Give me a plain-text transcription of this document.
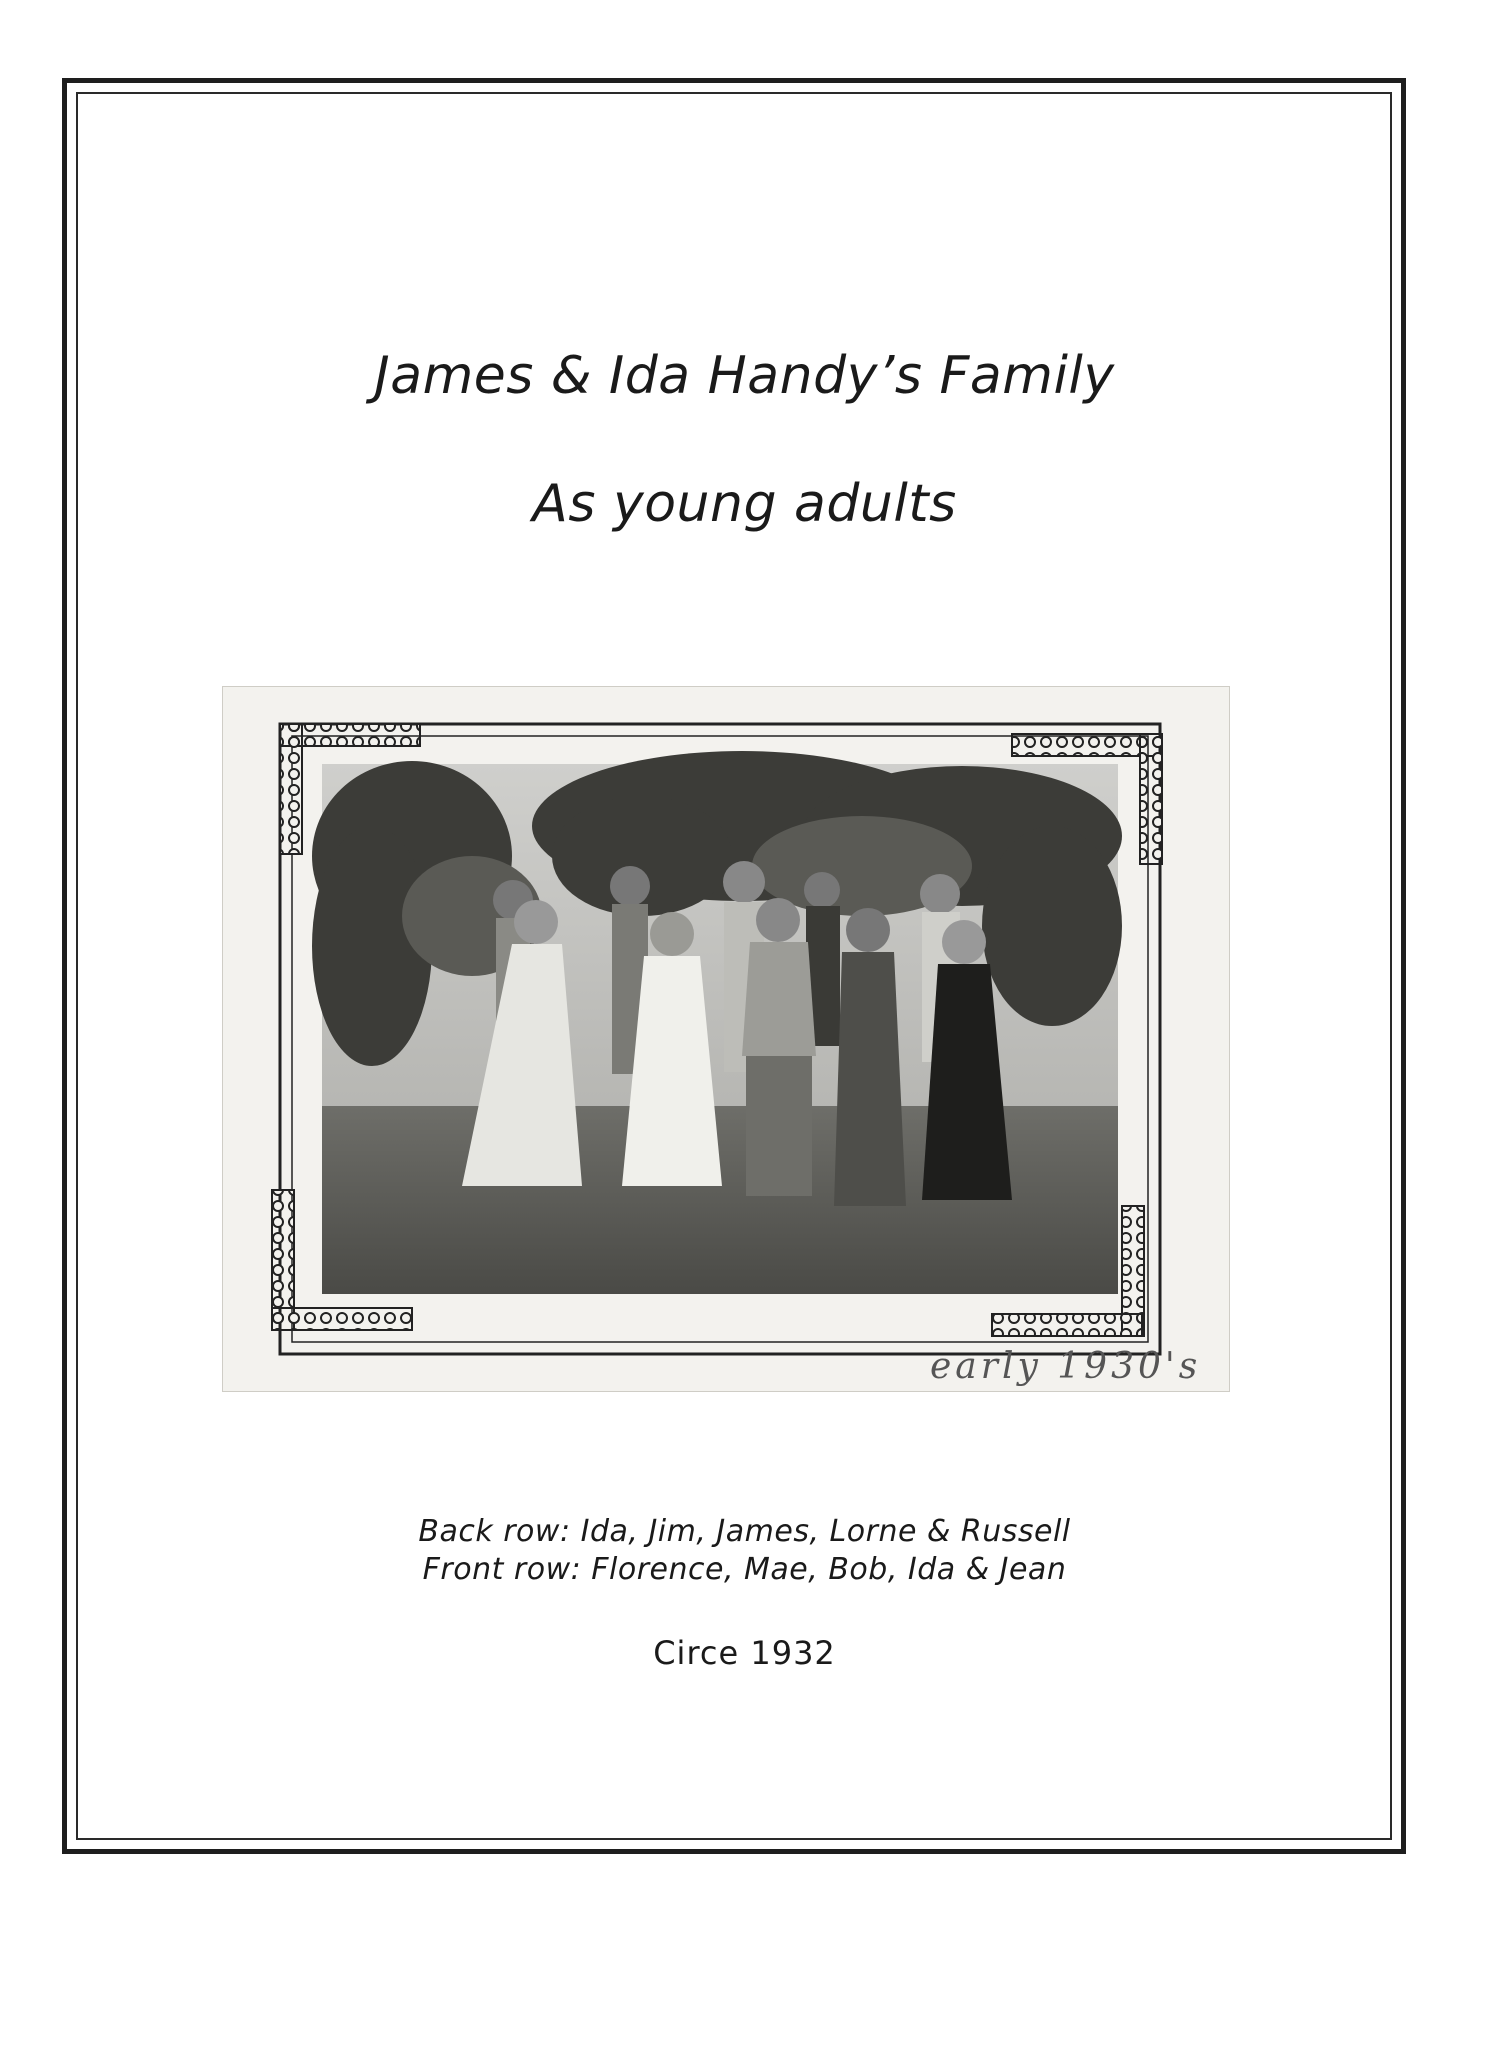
James & Ida Handy’s Family
As young adults
early 1930's
Back row: Ida, Jim, James, Lorne & Russell
Front row: Florence, Mae, Bob, Ida & Jean
Circe 1932
